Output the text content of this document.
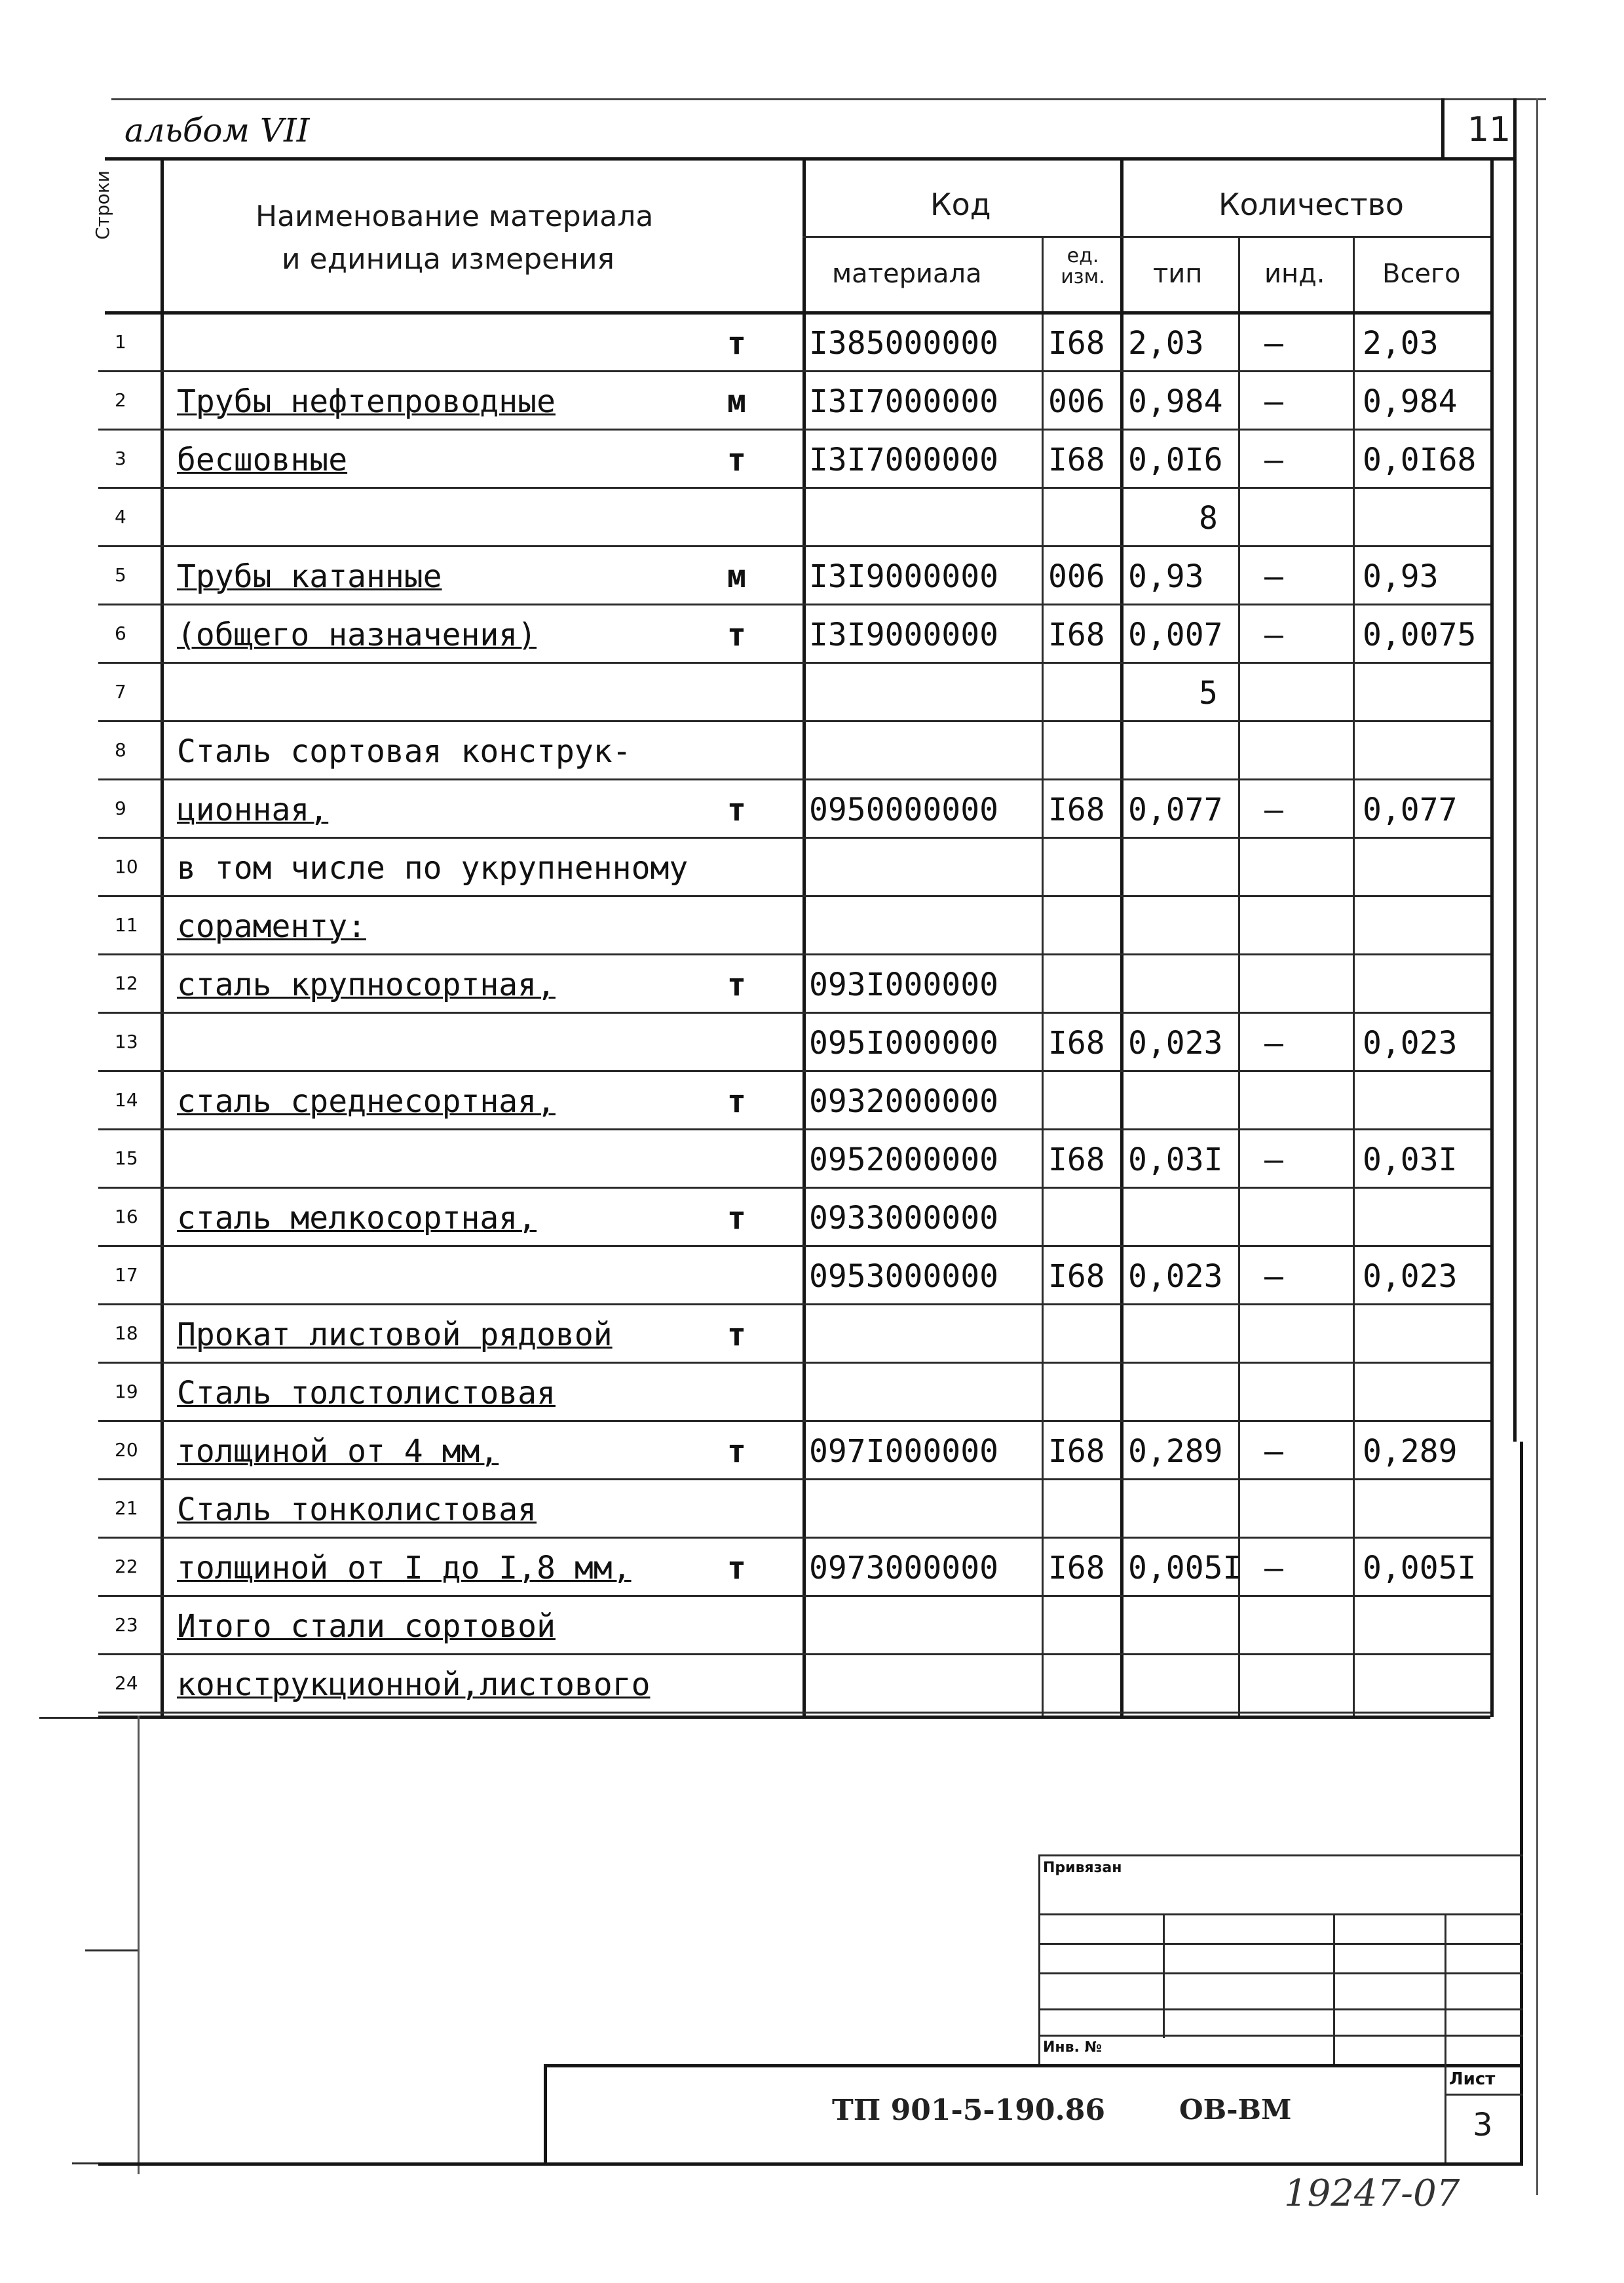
альбом VII	11
Строки	Наименование материала
и единица измерения
Код	Количество
материала
ед. изм.	тип инд. Всего
1	т I385000000 I68 2,03 –	2,03
2 Трубы нефтепроводные	м I3I7000000 006 0,984 –	0,984
3 бесшовные	т I3I7000000 I68 0,0I6 –	0,0I68
4	8
5 Трубы катанные	м I3I9000000 006 0,93 –	0,93
6 (общего назначения)	т I3I9000000 I68 0,007 –	0,0075
7	5
8 Сталь сортовая конструк-
9 ционная,	т 0950000000 I68 0,077 –	0,077
10 в том числе по укрупненному
11 сораменту:
12 сталь крупносортная,	т 093I000000
13	095I000000 I68 0,023 –	0,023
14 сталь среднесортная,	т 0932000000
15	0952000000 I68 0,03I –	0,03I
16 сталь мелкосортная,	т 0933000000
17	0953000000 I68 0,023 –	0,023
18 Прокат листовой рядовой	т
19 Сталь толстолистовая
20 толщиной от 4 мм,	т 097I000000 I68 0,289 –	0,289
21 Сталь тонколистовая
22 толщиной от I до I,8 мм,	т 0973000000 I68 0,005I –	0,005I
23 Итого стали сортовой
24 конструкционной,листового
Привязан
Инв. №
ТП 901-5-190.86	ОВ-ВМ
Лист
3
19247-07
